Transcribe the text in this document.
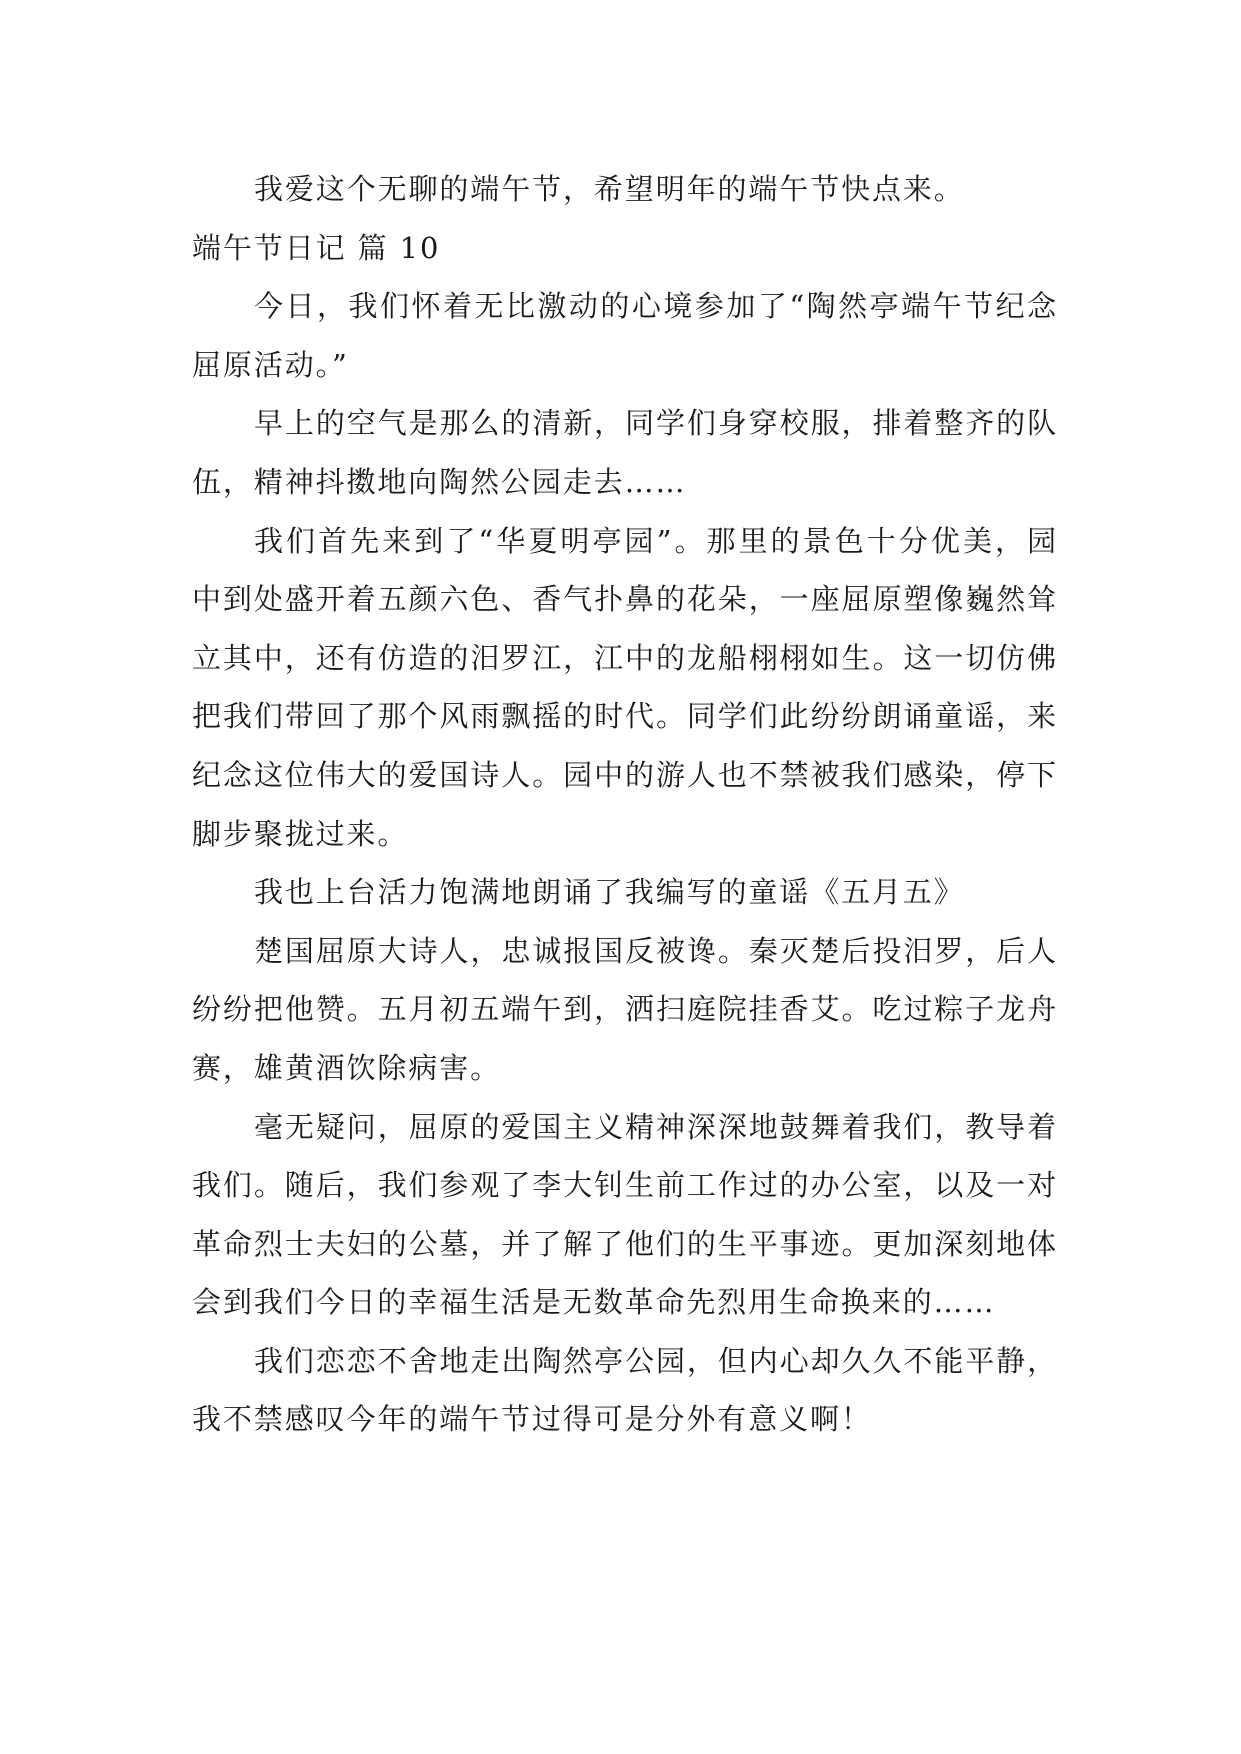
我爱这个无聊的端午节，希望明年的端午节快点来。

端午节日记 篇 10

今日，我们怀着无比激动的心境参加了“陶然亭端午节纪念屈原活动。”

早上的空气是那么的清新，同学们身穿校服，排着整齐的队伍，精神抖擞地向陶然公园走去……

我们首先来到了“华夏明亭园”。那里的景色十分优美，园中到处盛开着五颜六色、香气扑鼻的花朵，一座屈原塑像巍然耸立其中，还有仿造的汨罗江，江中的龙船栩栩如生。这一切仿佛把我们带回了那个风雨飘摇的时代。同学们此纷纷朗诵童谣，来纪念这位伟大的爱国诗人。园中的游人也不禁被我们感染，停下脚步聚拢过来。

我也上台活力饱满地朗诵了我编写的童谣《五月五》

楚国屈原大诗人，忠诚报国反被谗。秦灭楚后投汨罗，后人纷纷把他赞。五月初五端午到，洒扫庭院挂香艾。吃过粽子龙舟赛，雄黄酒饮除病害。

毫无疑问，屈原的爱国主义精神深深地鼓舞着我们，教导着我们。随后，我们参观了李大钊生前工作过的办公室，以及一对革命烈士夫妇的公墓，并了解了他们的生平事迹。更加深刻地体会到我们今日的幸福生活是无数革命先烈用生命换来的……

我们恋恋不舍地走出陶然亭公园，但内心却久久不能平静，我不禁感叹今年的端午节过得可是分外有意义啊！
